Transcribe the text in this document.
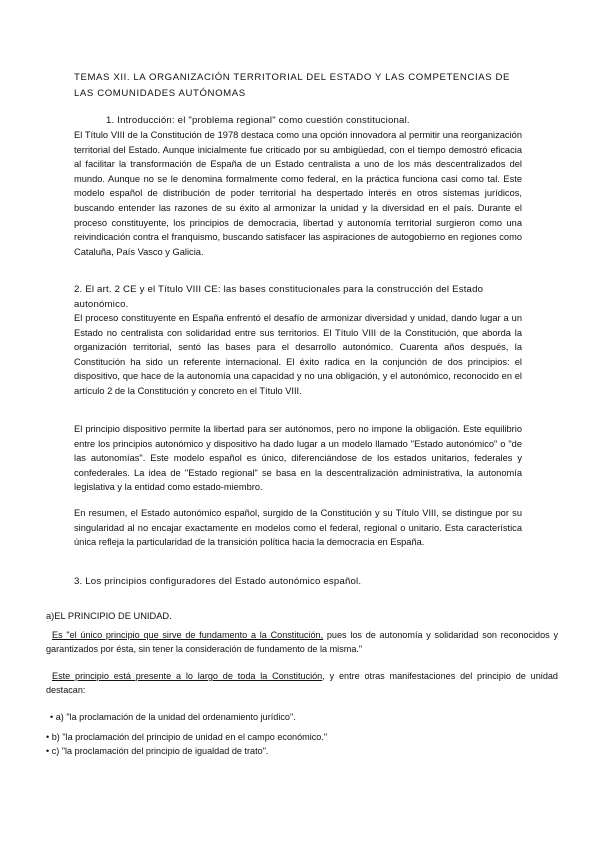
TEMAS XII. LA ORGANIZACIÓN TERRITORIAL DEL ESTADO Y LAS COMPETENCIAS DE LAS COMUNIDADES AUTÓNOMAS

1. Introducción: el "problema regional" como cuestión constitucional.

El Título VIII de la Constitución de 1978 destaca como una opción innovadora al permitir una reorganización territorial del Estado. Aunque inicialmente fue criticado por su ambigüedad, con el tiempo demostró eficacia al facilitar la transformación de España de un Estado centralista a uno de los más descentralizados del mundo. Aunque no se le denomina formalmente como federal, en la práctica funciona casi como tal. Este modelo español de distribución de poder territorial ha despertado interés en otros sistemas jurídicos, buscando entender las razones de su éxito al armonizar la unidad y la diversidad en el país. Durante el proceso constituyente, los principios de democracia, libertad y autonomía territorial surgieron como una reivindicación contra el franquismo, buscando satisfacer las aspiraciones de autogobierno en regiones como Cataluña, País Vasco y Galicia.

2. El art. 2 CE y el Título VIII CE: las bases constitucionales para la construcción del Estado autonómico.

El proceso constituyente en España enfrentó el desafío de armonizar diversidad y unidad, dando lugar a un Estado no centralista con solidaridad entre sus territorios. El Título VIII de la Constitución, que aborda la organización territorial, sentó las bases para el desarrollo autonómico. Cuarenta años después, la Constitución ha sido un referente internacional. El éxito radica en la conjunción de dos principios: el dispositivo, que hace de la autonomía una capacidad y no una obligación, y el autonómico, reconocido en el artículo 2 de la Constitución y concreto en el Título VIII.

El principio dispositivo permite la libertad para ser autónomos, pero no impone la obligación. Este equilibrio entre los principios autonómico y dispositivo ha dado lugar a un modelo llamado "Estado autonómico" o "de las autonomías". Este modelo español es único, diferenciándose de los estados unitarios, federales y confederales. La idea de "Estado regional" se basa en la descentralización administrativa, la autonomía legislativa y la entidad como estado-miembro.

En resumen, el Estado autonómico español, surgido de la Constitución y su Título VIII, se distingue por su singularidad al no encajar exactamente en modelos como el federal, regional o unitario. Esta característica única refleja la particularidad de la transición política hacia la democracia en España.

3. Los principios configuradores del Estado autonómico español.

a)EL PRINCIPIO DE UNIDAD.

Es "el único principio que sirve de fundamento a la Constitución, pues los de autonomía y solidaridad son reconocidos y garantizados por ésta, sin tener la consideración de fundamento de la misma."

Este principio está presente a lo largo de toda la Constitución, y entre otras manifestaciones del principio de unidad destacan:

• a) "la proclamación de la unidad del ordenamiento jurídico".
• b) "la proclamación del principio de unidad en el campo económico."
• c) "la proclamación del principio de igualdad de trato".
